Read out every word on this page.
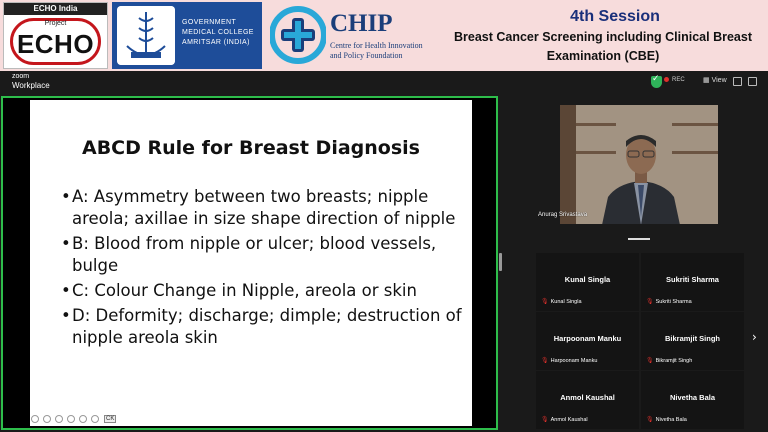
ECHO India
Project
ECHO
GOVERNMENT
MEDICAL COLLEGE
AMRITSAR (INDIA)
CHIP
Centre for Health Innovation
and Policy Foundation
4th Session
Breast Cancer Screening including Clinical Breast Examination (CBE)
zoom
Workplace
✓
REC	▦ View
ABCD Rule for Breast Diagnosis
• A: Asymmetry between two breasts; nipple areola; axillae in size shape direction of nipple
• B: Blood from nipple or ulcer; blood vessels, bulge
• C: Colour Change in Nipple, areola or skin
• D: Deformity; discharge; dimple; destruction of nipple areola skin
CK
Anurag Srivastava
Kunal Singla
🎙 Kunal Singla
Sukriti Sharma
🎙 Sukriti Sharma
Harpoonam Manku
🎙 Harpoonam Manku
Bikramjit Singh
🎙 Bikramjit Singh
Anmol Kaushal
🎙 Anmol Kaushal
Nivetha Bala
🎙 Nivetha Bala
›
